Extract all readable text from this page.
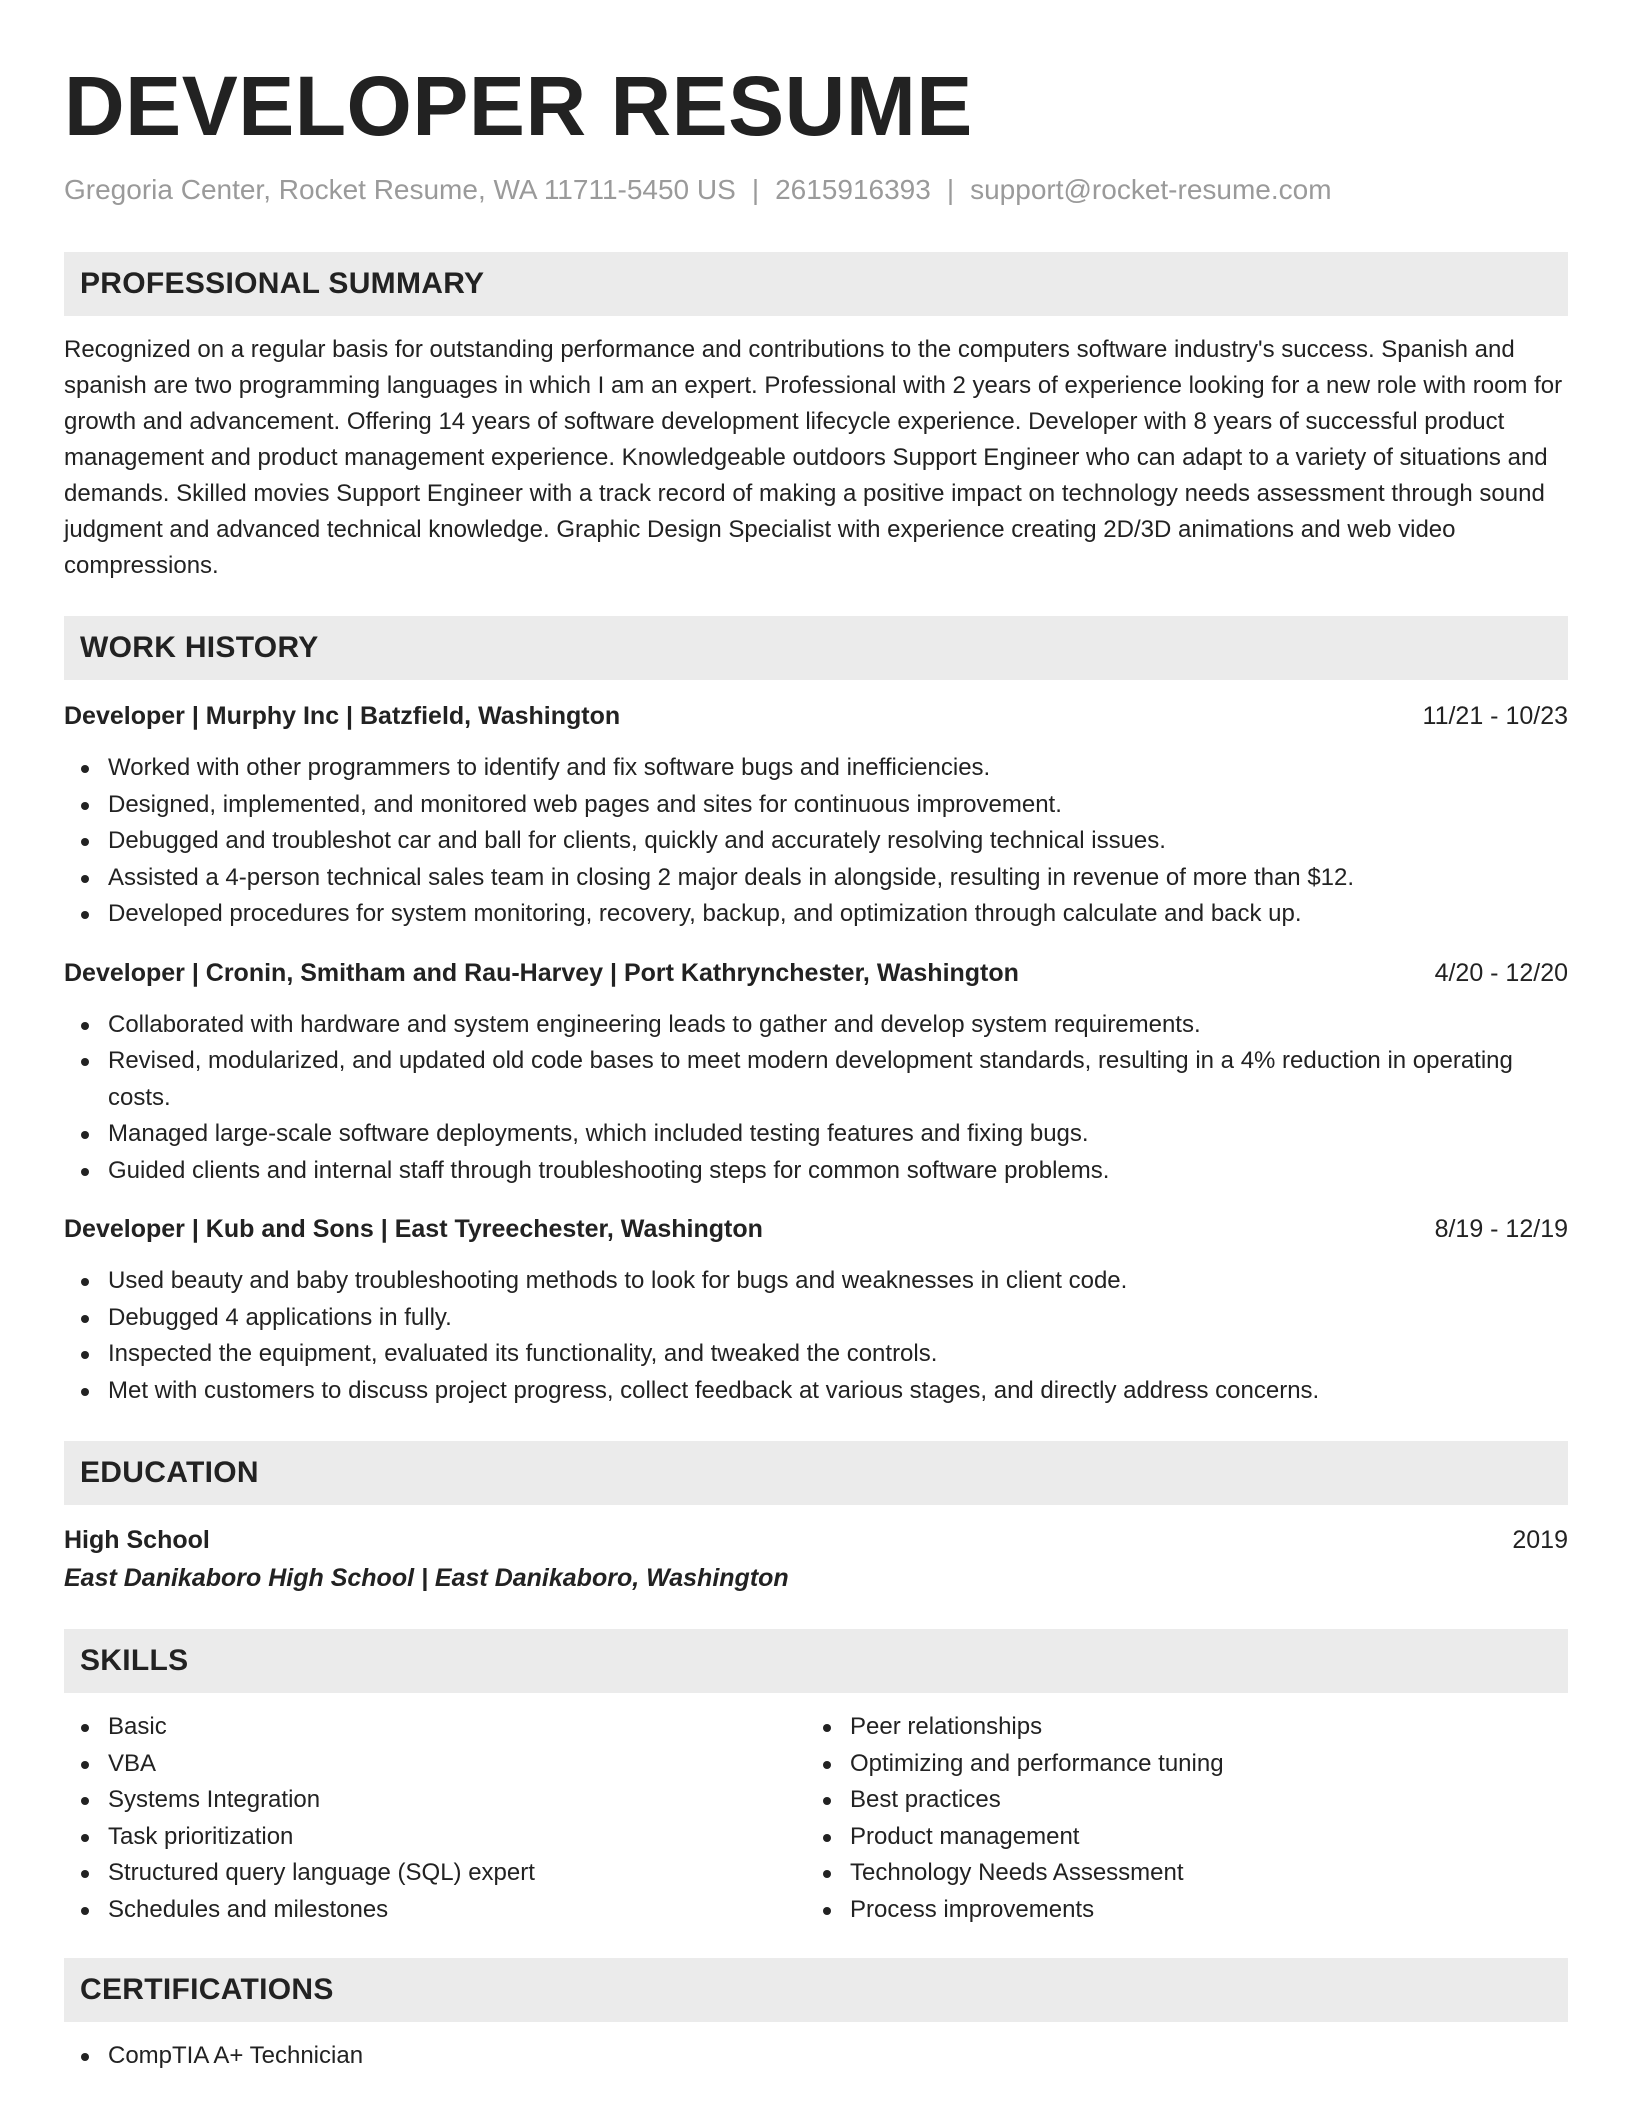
DEVELOPER RESUME
Gregoria Center, Rocket Resume, WA 11711-5450 US | 2615916393 | support@rocket-resume.com
PROFESSIONAL SUMMARY

Recognized on a regular basis for outstanding performance and contributions to the computers software industry's success. Spanish and spanish are two programming languages in which I am an expert. Professional with 2 years of experience looking for a new role with room for growth and advancement. Offering 14 years of software development lifecycle experience. Developer with 8 years of successful product management and product management experience. Knowledgeable outdoors Support Engineer who can adapt to a variety of situations and demands. Skilled movies Support Engineer with a track record of making a positive impact on technology needs assessment through sound judgment and advanced technical knowledge. Graphic Design Specialist with experience creating 2D/3D animations and web video compressions.

WORK HISTORY
Developer | Murphy Inc | Batzfield, Washington	11/21 - 10/23
Worked with other programmers to identify and fix software bugs and inefficiencies.
Designed, implemented, and monitored web pages and sites for continuous improvement.
Debugged and troubleshot car and ball for clients, quickly and accurately resolving technical issues.
Assisted a 4-person technical sales team in closing 2 major deals in alongside, resulting in revenue of more than $12.
Developed procedures for system monitoring, recovery, backup, and optimization through calculate and back up.
Developer | Cronin, Smitham and Rau-Harvey | Port Kathrynchester, Washington	4/20 - 12/20
Collaborated with hardware and system engineering leads to gather and develop system requirements.
Revised, modularized, and updated old code bases to meet modern development standards, resulting in a 4% reduction in operating costs.
Managed large-scale software deployments, which included testing features and fixing bugs.
Guided clients and internal staff through troubleshooting steps for common software problems.
Developer | Kub and Sons | East Tyreechester, Washington	8/19 - 12/19
Used beauty and baby troubleshooting methods to look for bugs and weaknesses in client code.
Debugged 4 applications in fully.
Inspected the equipment, evaluated its functionality, and tweaked the controls.
Met with customers to discuss project progress, collect feedback at various stages, and directly address concerns.
EDUCATION
High School	2019
East Danikaboro High School | East Danikaboro, Washington
SKILLS
Basic
VBA
Systems Integration
Task prioritization
Structured query language (SQL) expert
Schedules and milestones
Peer relationships
Optimizing and performance tuning
Best practices
Product management
Technology Needs Assessment
Process improvements
CERTIFICATIONS
CompTIA A+ Technician
